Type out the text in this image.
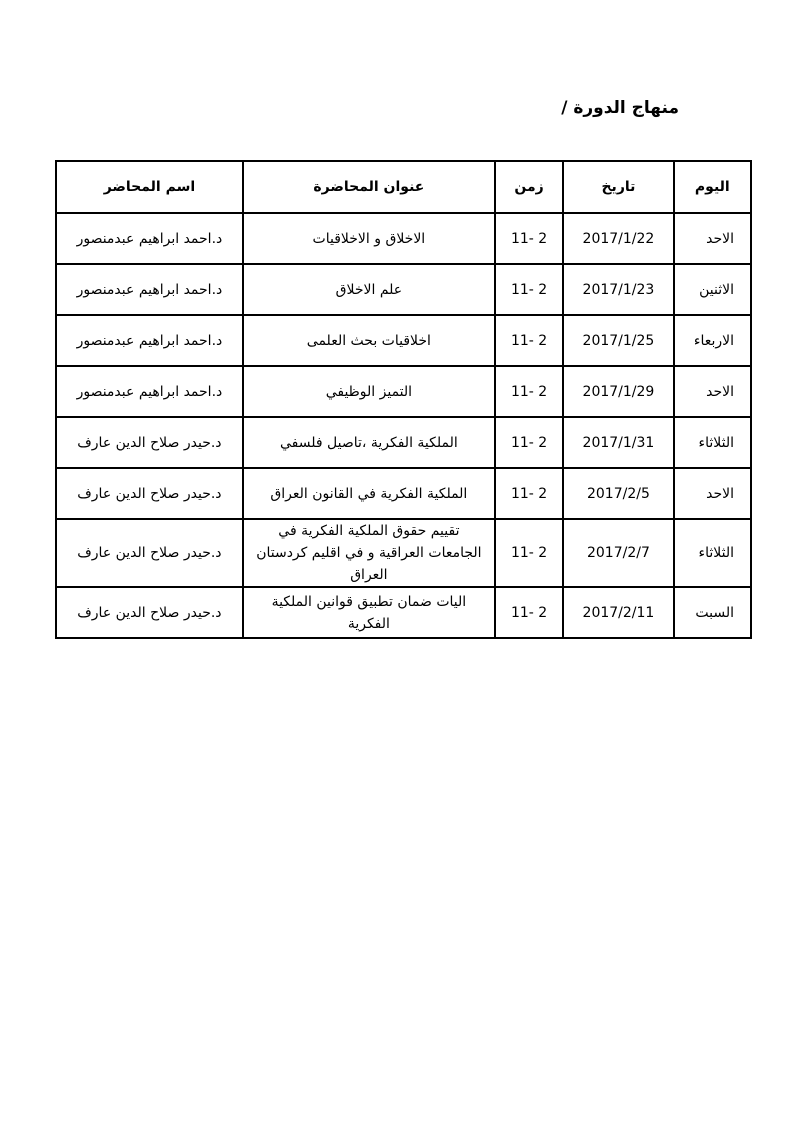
منهاج الدورة /
اليوم	تاريخ	زمن	عنوان المحاضرة	اسم المحاضر
الاحد	2017/1/22	11- 2	الاخلاق و الاخلاقيات	د.احمد ابراهيم عبدمنصور
الاثنين	2017/1/23	11- 2	علم الاخلاق	د.احمد ابراهيم عبدمنصور
الاربعاء	2017/1/25	11- 2	اخلاقيات بحث العلمى	د.احمد ابراهيم عبدمنصور
الاحد	2017/1/29	11- 2	التميز الوظيفي	د.احمد ابراهيم عبدمنصور
الثلاثاء	2017/1/31	11- 2	الملكية الفكرية ،تاصيل فلسفي	د.حيدر صلاح الدين عارف
الاحد	2017/2/5	11- 2	الملكية الفكرية في القانون العراق	د.حيدر صلاح الدين عارف
الثلاثاء	2017/2/7	11- 2	تقييم حقوق الملكية الفكرية في الجامعات العراقية و في اقليم كردستان العراق	د.حيدر صلاح الدين عارف
السبت	2017/2/11	11- 2	اليات ضمان تطبيق قوانين الملكية الفكرية	د.حيدر صلاح الدين عارف
